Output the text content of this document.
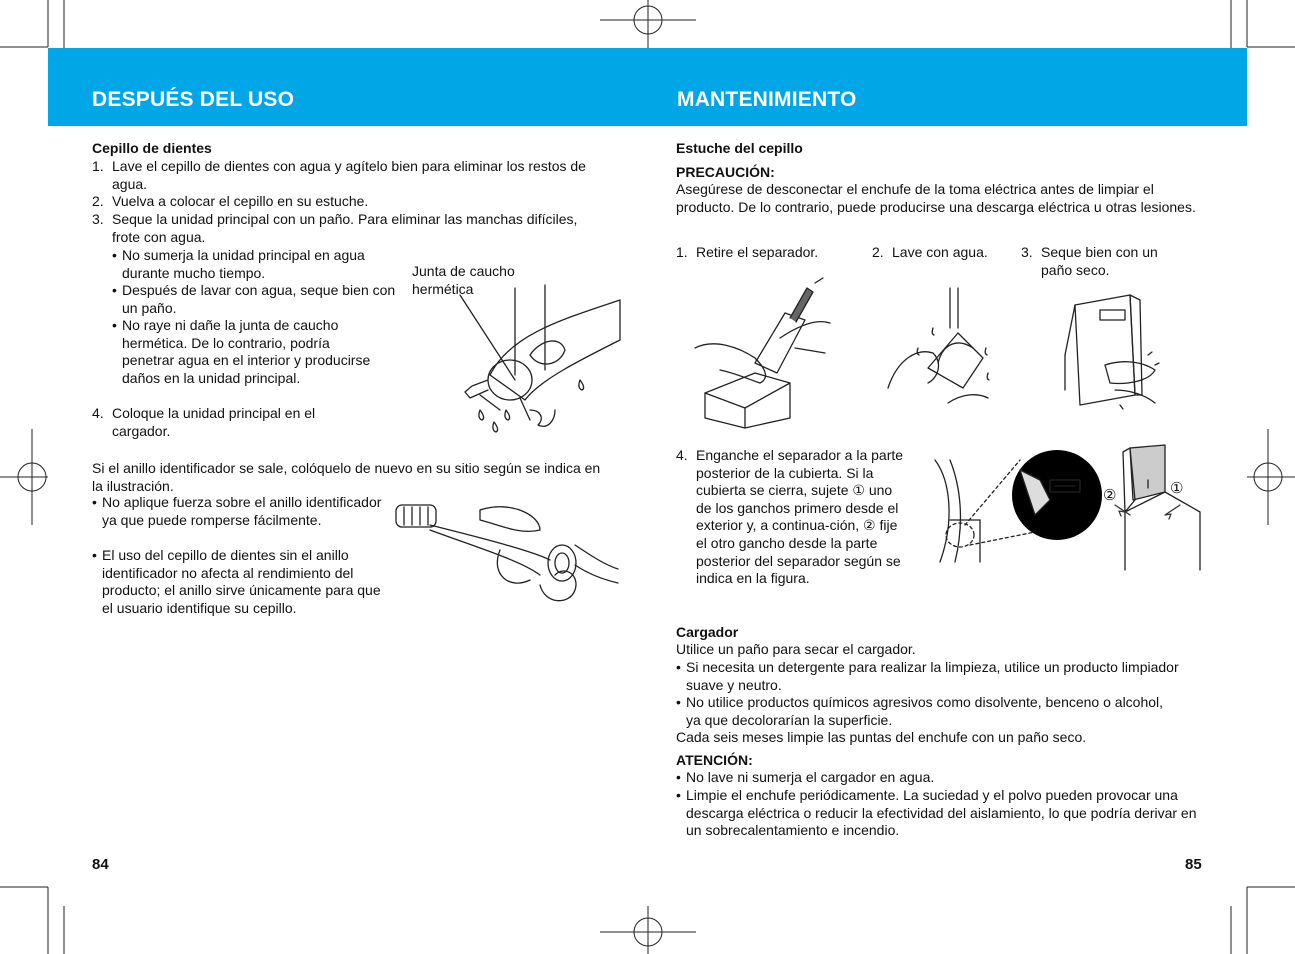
DESPUÉS DEL USO	MANTENIMIENTO
Cepillo de dientes
1. Lave el cepillo de dientes con agua y agítelo bien para eliminar los restos de agua.
2. Vuelva a colocar el cepillo en su estuche.
3. Seque la unidad principal con un paño. Para eliminar las manchas difíciles, frote con agua.
• No sumerja la unidad principal en agua durante mucho tiempo.
• Después de lavar con agua, seque bien con un paño.
• No raye ni dañe la junta de caucho hermética. De lo contrario, podría penetrar agua en el interior y producirse daños en la unidad principal.
4. Coloque la unidad principal en el cargador.
Junta de caucho hermética
Si el anillo identificador se sale, colóquelo de nuevo en su sitio según se indica en la ilustración.
• No aplique fuerza sobre el anillo identificador ya que puede romperse fácilmente.
• El uso del cepillo de dientes sin el anillo identificador no afecta al rendimiento del producto; el anillo sirve únicamente para que el usuario identifique su cepillo.
84
Estuche del cepillo
PRECAUCIÓN:
Asegúrese de desconectar el enchufe de la toma eléctrica antes de limpiar el producto. De lo contrario, puede producirse una descarga eléctrica u otras lesiones.
1. Retire el separador.	2. Lave con agua.	3. Seque bien con un paño seco.
4. Enganche el separador a la parte posterior de la cubierta. Si la cubierta se cierra, sujete ① uno de los ganchos primero desde el exterior y, a continua-ción, ② fije el otro gancho desde la parte posterior del separador según se indica en la figura.
②	①
Cargador
Utilice un paño para secar el cargador.
• Si necesita un detergente para realizar la limpieza, utilice un producto limpiador suave y neutro.
• No utilice productos químicos agresivos como disolvente, benceno o alcohol, ya que decolorarían la superficie.
Cada seis meses limpie las puntas del enchufe con un paño seco.
ATENCIÓN:
• No lave ni sumerja el cargador en agua.
• Limpie el enchufe periódicamente. La suciedad y el polvo pueden provocar una descarga eléctrica o reducir la efectividad del aislamiento, lo que podría derivar en un sobrecalentamiento e incendio.
85
